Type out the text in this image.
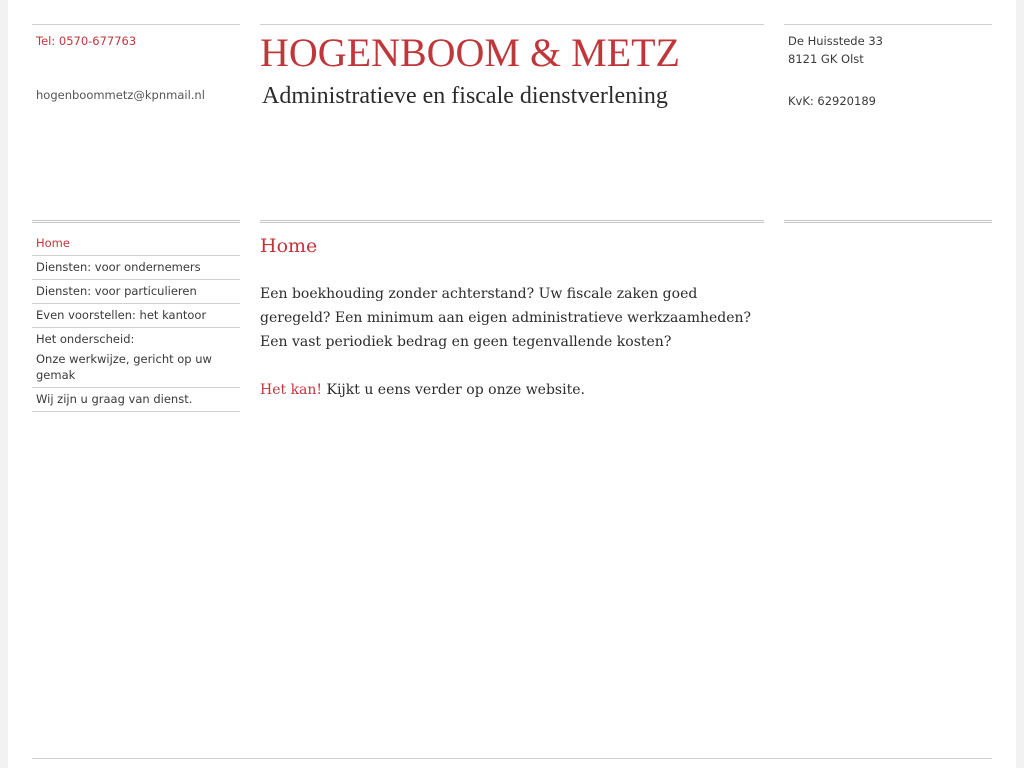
Tel: 0570-677763
hogenboommetz@kpnmail.nl
HOGENBOOM & METZ
Administratieve en fiscale dienstverlening
De Huisstede 33
8121 GK Olst
KvK: 62920189
Home
Diensten: voor ondernemers
Diensten: voor particulieren
Even voorstellen: het kantoor
Het onderscheid:
Onze werkwijze, gericht op uw gemak
Wij zijn u graag van dienst.
Home

Een boekhouding zonder achterstand? Uw fiscale zaken goed geregeld? Een minimum aan eigen administratieve werkzaamheden? Een vast periodiek bedrag en geen tegenvallende kosten?

Het kan! Kijkt u eens verder op onze website.
